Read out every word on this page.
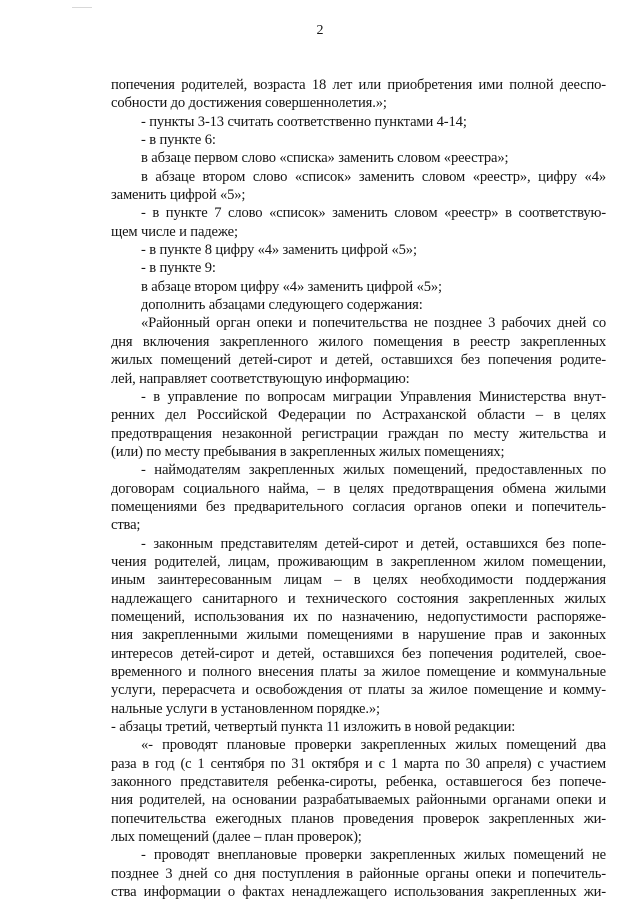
2
попечения родителей, возраста 18 лет или приобретения ими полной дееспо-
собности до достижения совершеннолетия.»;
- пункты 3-13 считать соответственно пунктами 4-14;
- в пункте 6:
в абзаце первом слово «списка» заменить словом «реестра»;
в абзаце втором слово «список» заменить словом «реестр», цифру «4»
заменить цифрой «5»;
- в пункте 7 слово «список» заменить словом «реестр» в соответствую-
щем числе и падеже;
- в пункте 8 цифру «4» заменить цифрой «5»;
- в пункте 9:
в абзаце втором цифру «4» заменить цифрой «5»;
дополнить абзацами следующего содержания:
«Районный орган опеки и попечительства не позднее 3 рабочих дней со
дня включения закрепленного жилого помещения в реестр закрепленных
жилых помещений детей-сирот и детей, оставшихся без попечения родите-
лей, направляет соответствующую информацию:
- в управление по вопросам миграции Управления Министерства внут-
ренних дел Российской Федерации по Астраханской области – в целях
предотвращения незаконной регистрации граждан по месту жительства и
(или) по месту пребывания в закрепленных жилых помещениях;
- наймодателям закрепленных жилых помещений, предоставленных по
договорам социального найма, – в целях предотвращения обмена жилыми
помещениями без предварительного согласия органов опеки и попечитель-
ства;
- законным представителям детей-сирот и детей, оставшихся без попе-
чения родителей, лицам, проживающим в закрепленном жилом помещении,
иным заинтересованным лицам – в целях необходимости поддержания
надлежащего санитарного и технического состояния закрепленных жилых
помещений, использования их по назначению, недопустимости распоряже-
ния закрепленными жилыми помещениями в нарушение прав и законных
интересов детей-сирот и детей, оставшихся без попечения родителей, свое-
временного и полного внесения платы за жилое помещение и коммунальные
услуги, перерасчета и освобождения от платы за жилое помещение и комму-
нальные услуги в установленном порядке.»;
- абзацы третий, четвертый пункта 11 изложить в новой редакции:
«- проводят плановые проверки закрепленных жилых помещений два
раза в год (с 1 сентября по 31 октября и с 1 марта по 30 апреля) с участием
законного представителя ребенка-сироты, ребенка, оставшегося без попече-
ния родителей, на основании разрабатываемых районными органами опеки и
попечительства ежегодных планов проведения проверок закрепленных жи-
лых помещений (далее – план проверок);
- проводят внеплановые проверки закрепленных жилых помещений не
позднее 3 дней со дня поступления в районные органы опеки и попечитель-
ства информации о фактах ненадлежащего использования закрепленных жи-
